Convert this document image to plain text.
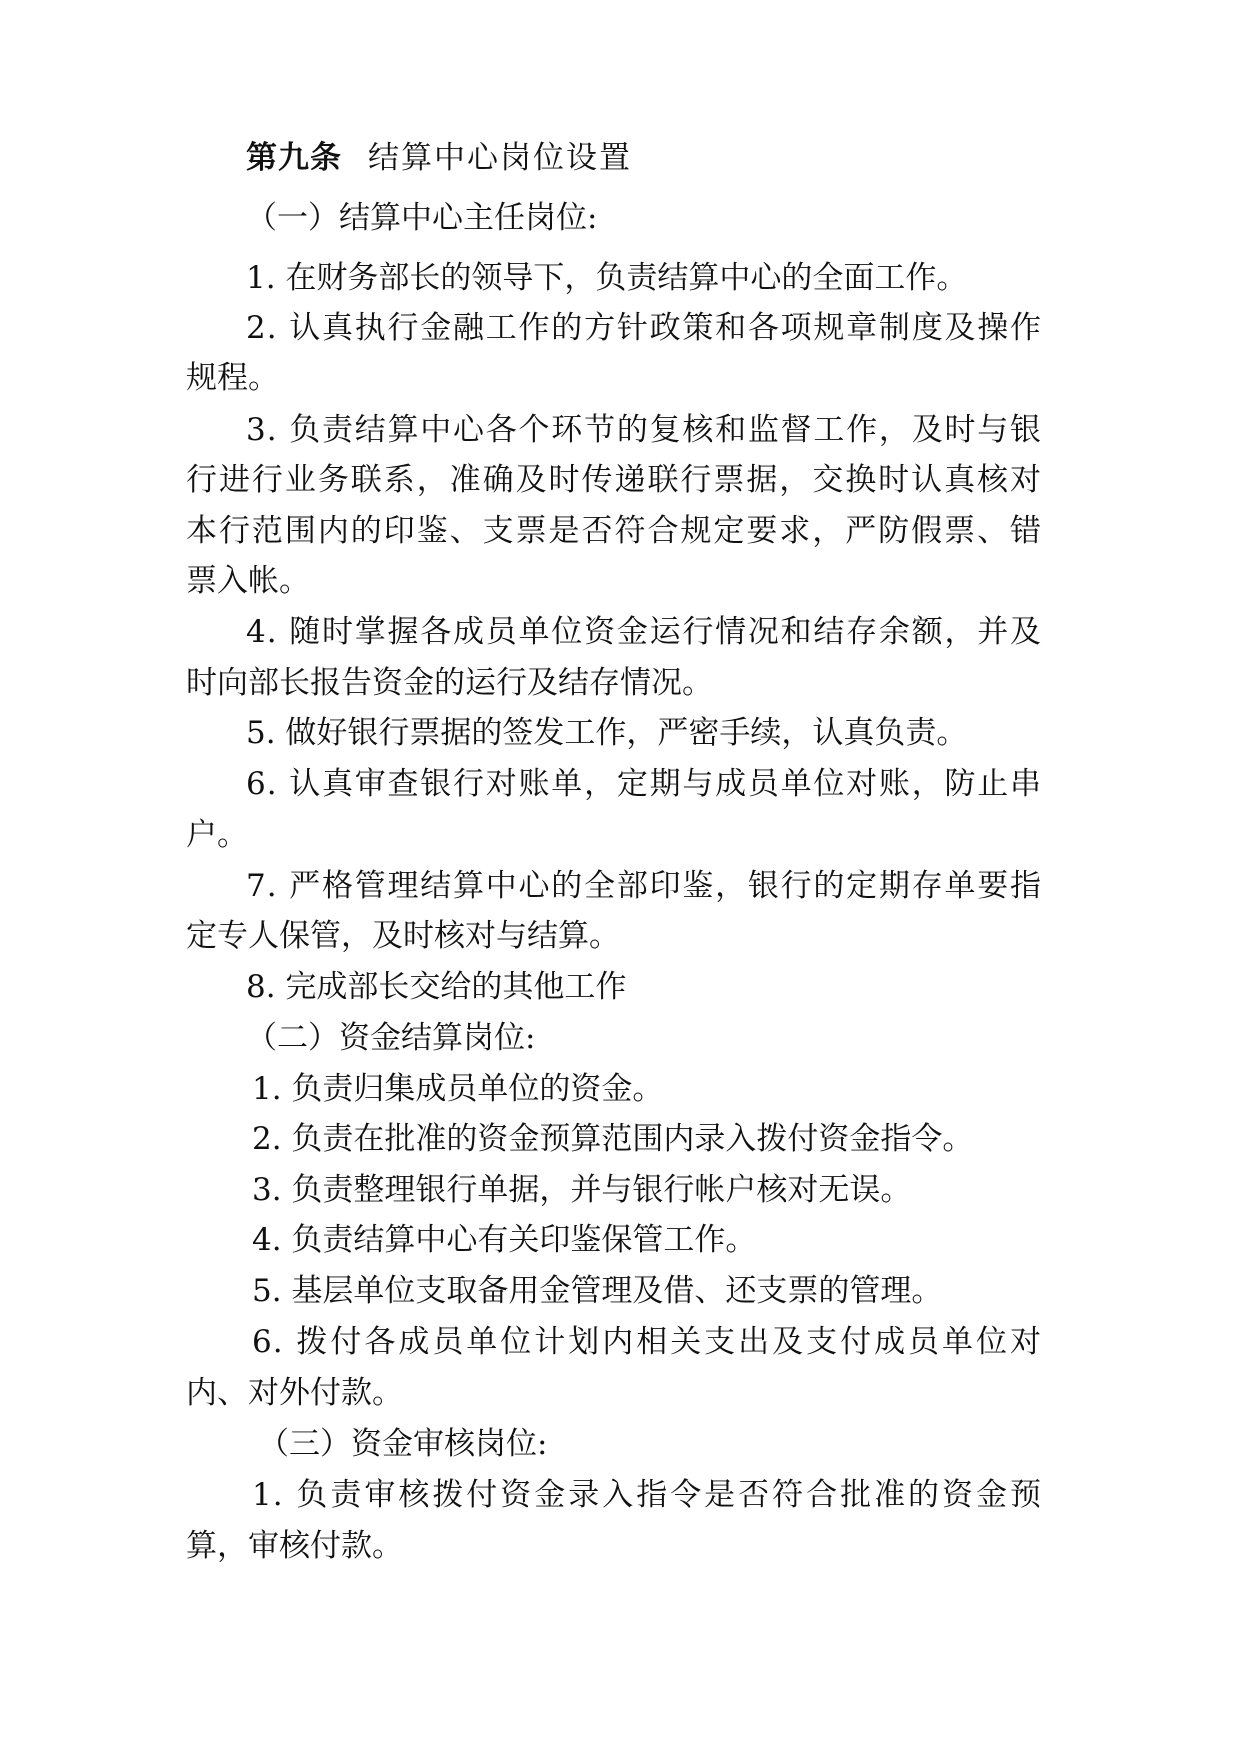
第九条 结算中心岗位设置
（一）结算中心主任岗位:
1. 在财务部长的领导下，负责结算中心的全面工作。
2. 认真执行金融工作的方针政策和各项规章制度及操作
规程。
3. 负责结算中心各个环节的复核和监督工作，及时与银
行进行业务联系，准确及时传递联行票据，交换时认真核对
本行范围内的印鉴、支票是否符合规定要求，严防假票、错
票入帐。
4. 随时掌握各成员单位资金运行情况和结存余额，并及
时向部长报告资金的运行及结存情况。
5. 做好银行票据的签发工作，严密手续，认真负责。
6. 认真审查银行对账单，定期与成员单位对账，防止串
户。
7. 严格管理结算中心的全部印鉴，银行的定期存单要指
定专人保管，及时核对与结算。
8. 完成部长交给的其他工作
（二）资金结算岗位:
1. 负责归集成员单位的资金。
2. 负责在批准的资金预算范围内录入拨付资金指令。
3. 负责整理银行单据，并与银行帐户核对无误。
4. 负责结算中心有关印鉴保管工作。
5. 基层单位支取备用金管理及借、还支票的管理。
6. 拨付各成员单位计划内相关支出及支付成员单位对
内、对外付款。
（三）资金审核岗位:
1. 负责审核拨付资金录入指令是否符合批准的资金预
算，审核付款。
